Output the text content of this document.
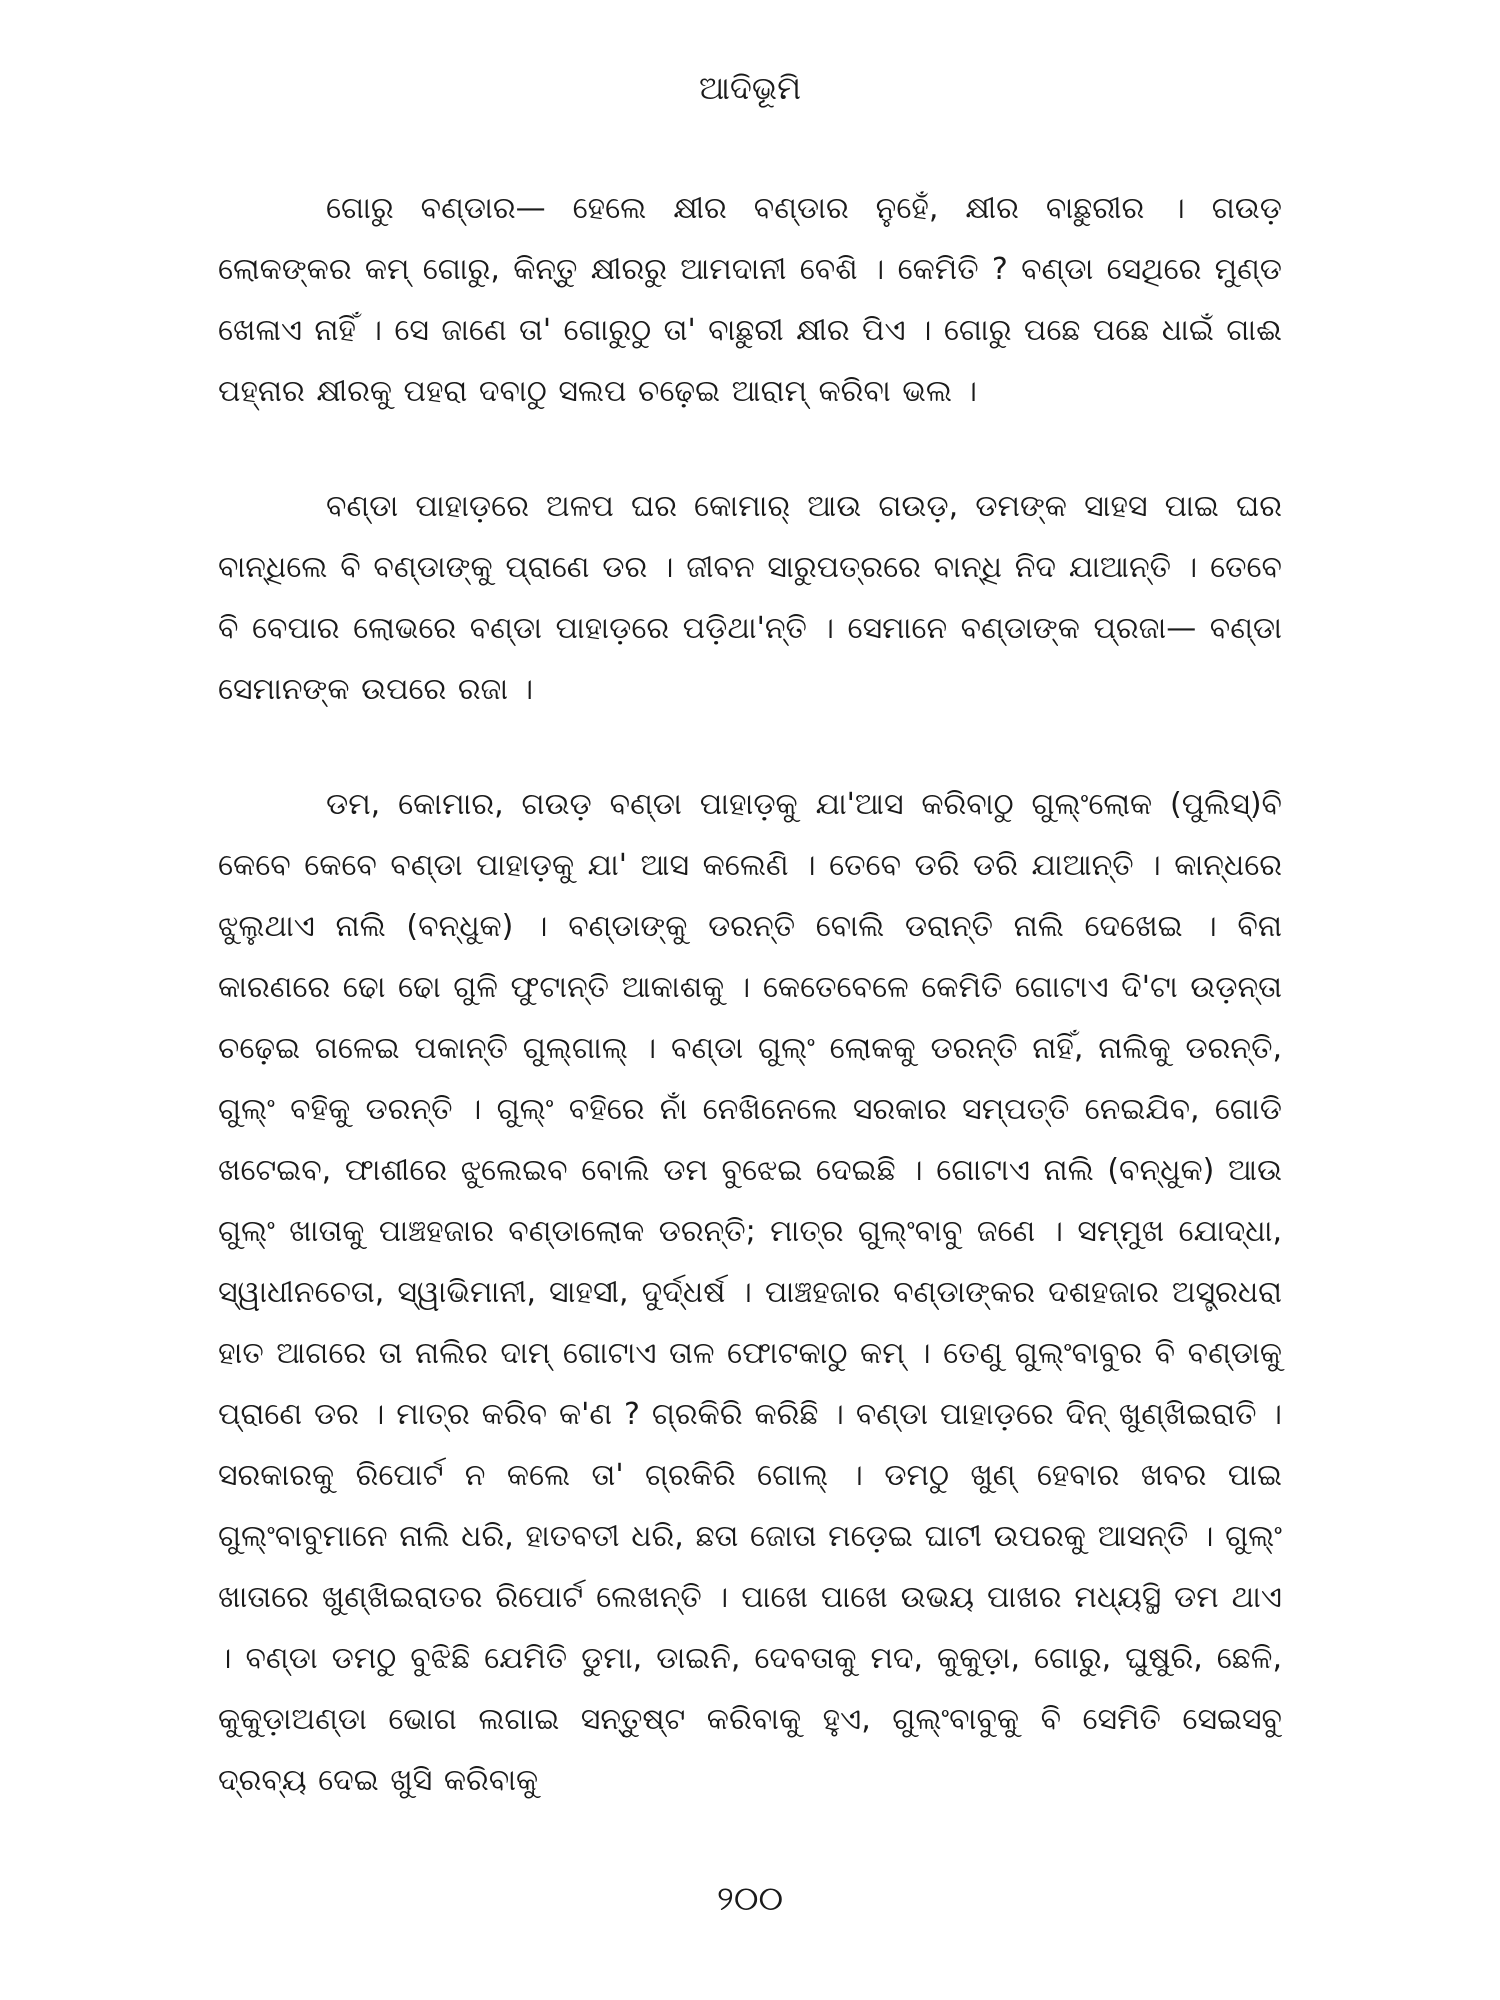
ଆଦିଭୂମି

ଗୋରୁ ବଣ୍ଡାର— ହେଲେ କ୍ଷୀର ବଣ୍ଡାର ନୁହେଁ, କ୍ଷୀର ବାଛୁରୀର । ଗଉଡ଼ ଲୋକଙ୍କର କମ୍ ଗୋରୁ, କିନ୍ତୁ କ୍ଷୀରରୁ ଆମଦାନୀ ବେଶି । କେମିତି ? ବଣ୍ଡା ସେଥିରେ ମୁଣ୍ଡ ଖେଳାଏ ନାହିଁ । ସେ ଜାଣେ ତା' ଗୋରୁଠୁ ତା' ବାଛୁରୀ କ୍ଷୀର ପିଏ । ଗୋରୁ ପଛେ ପଛେ ଧାଇଁ ଗାଈ ପହ୍ନାର କ୍ଷୀରକୁ ପହରା ଦବାଠୁ ସଲପ ଚଢ଼େଇ ଆରାମ୍ କରିବା ଭଲ ।

ବଣ୍ଡା ପାହାଡ଼ରେ ଅଳପ ଘର କୋମାର୍ ଆଉ ଗଉଡ଼, ଡମଙ୍କ ସାହସ ପାଇ ଘର ବାନ୍ଧିଲେ ବି ବଣ୍ଡାଙ୍କୁ ପ୍ରାଣେ ଡର । ଜୀବନ ସାରୁପତ୍ରରେ ବାନ୍ଧି ନିଦ ଯାଆନ୍ତି । ତେବେ ବି ବେପାର ଲୋଭରେ ବଣ୍ଡା ପାହାଡ଼ରେ ପଡ଼ିଥା'ନ୍ତି । ସେମାନେ ବଣ୍ଡାଙ୍କ ପ୍ରଜା— ବଣ୍ଡା ସେମାନଙ୍କ ଉପରେ ରଜା ।

ଡମ, କୋମାର, ଗଉଡ଼ ବଣ୍ଡା ପାହାଡ଼କୁ ଯା'ଆସ କରିବାଠୁ ଗୁଲ୍‌ଂଲୋକ (ପୁଲିସ୍)ବି କେବେ କେବେ ବଣ୍ଡା ପାହାଡ଼କୁ ଯା' ଆସ କଲେଣି । ତେବେ ଡରି ଡରି ଯାଆନ୍ତି । କାନ୍ଧରେ ଝୁଲୁଥାଏ ନାଲି (ବନ୍ଧୁକ) । ବଣ୍ଡାଙ୍କୁ ଡରନ୍ତି ବୋଲି ଡରାନ୍ତି ନାଲି ଦେଖେଇ । ବିନା କାରଣରେ ଢୋ ଢୋ ଗୁଳି ଫୁଟାନ୍ତି ଆକାଶକୁ । କେତେବେଳେ କେମିତି ଗୋଟାଏ ଦି'ଟା ଉଡ଼ନ୍ତା ଚଢ଼େଇ ଗଳେଇ ପକାନ୍ତି ଗୁଲ୍‌ଗାଲ୍ । ବଣ୍ଡା ଗୁଲ୍‌ଂ ଲୋକକୁ ଡରନ୍ତି ନାହିଁ, ନାଲିକୁ ଡରନ୍ତି, ଗୁଲ୍‌ଂ ବହିକୁ ଡରନ୍ତି । ଗୁଲ୍‌ଂ ବହିରେ ନାଁ ନେଖିନେଲେ ସରକାର ସମ୍ପତ୍ତି ନେଇଯିବ, ଗୋଡି ଖଟେଇବ, ଫାଶୀରେ ଝୁଲେଇବ ବୋଲି ଡମ ବୁଝେଇ ଦେଇଛି । ଗୋଟାଏ ନାଲି (ବନ୍ଧୁକ) ଆଉ ଗୁଲ୍‌ଂ ଖାତାକୁ ପାଞ୍ଚହଜାର ବଣ୍ଡାଲୋକ ଡରନ୍ତି; ମାତ୍ର ଗୁଲ୍‌ଂବାବୁ ଜଣେ । ସମ୍ମୁଖ ଯୋଦ୍ଧା, ସ୍ୱାଧୀନଚେତା, ସ୍ୱାଭିମାନୀ, ସାହସୀ, ଦୁର୍ଦ୍ଧର୍ଷ । ପାଞ୍ଚହଜାର ବଣ୍ଡାଙ୍କର ଦଶହଜାର ଅସ୍ତ୍ରଧରା ହାତ ଆଗରେ ତା ନାଲିର ଦାମ୍ ଗୋଟାଏ ତାଳ ଫୋଟକାଠୁ କମ୍ । ତେଣୁ ଗୁଲ୍‌ଂବାବୁର ବି ବଣ୍ଡାକୁ ପ୍ରାଣେ ଡର । ମାତ୍ର କରିବ କ'ଣ ? ଗ୍ରକିରି କରିଛି । ବଣ୍ଡା ପାହାଡ଼ରେ ଦିନ୍ ଖୁଣ୍‌ଖିଇରାତି । ସରକାରକୁ ରିପୋର୍ଟ ନ କଲେ ତା' ଗ୍ରକିରି ଗୋଲ୍ । ଡମଠୁ ଖୁଣ୍ ହେବାର ଖବର ପାଇ ଗୁଲ୍‌ଂବାବୁମାନେ ନାଲି ଧରି, ହାତବତୀ ଧରି, ଛତା ଜୋତା ମଡ଼େଇ ଘାଟୀ ଉପରକୁ ଆସନ୍ତି । ଗୁଲ୍‌ଂ ଖାତାରେ ଖୁଣ୍‌ଖିଇରାତର ରିପୋର୍ଟ ଲେଖନ୍ତି । ପାଖେ ପାଖେ ଉଭୟ ପାଖର ମଧ୍ୟସ୍ଥି ଡମ ଥାଏ । ବଣ୍ଡା ଡମଠୁ ବୁଝିଛି ଯେମିତି ଡୁମା, ଡାଇନି, ଦେବତାକୁ ମଦ, କୁକୁଡ଼ା, ଗୋରୁ, ଘୁଷୁରି, ଛେଳି, କୁକୁଡ଼ାଅଣ୍ଡା ଭୋଗ ଲଗାଇ ସନ୍ତୁଷ୍ଟ କରିବାକୁ ହୁଏ, ଗୁଲ୍‌ଂବାବୁକୁ ବି ସେମିତି ସେଇସବୁ ଦ୍ରବ୍ୟ ଦେଇ ଖୁସି କରିବାକୁ

୨୦୦
